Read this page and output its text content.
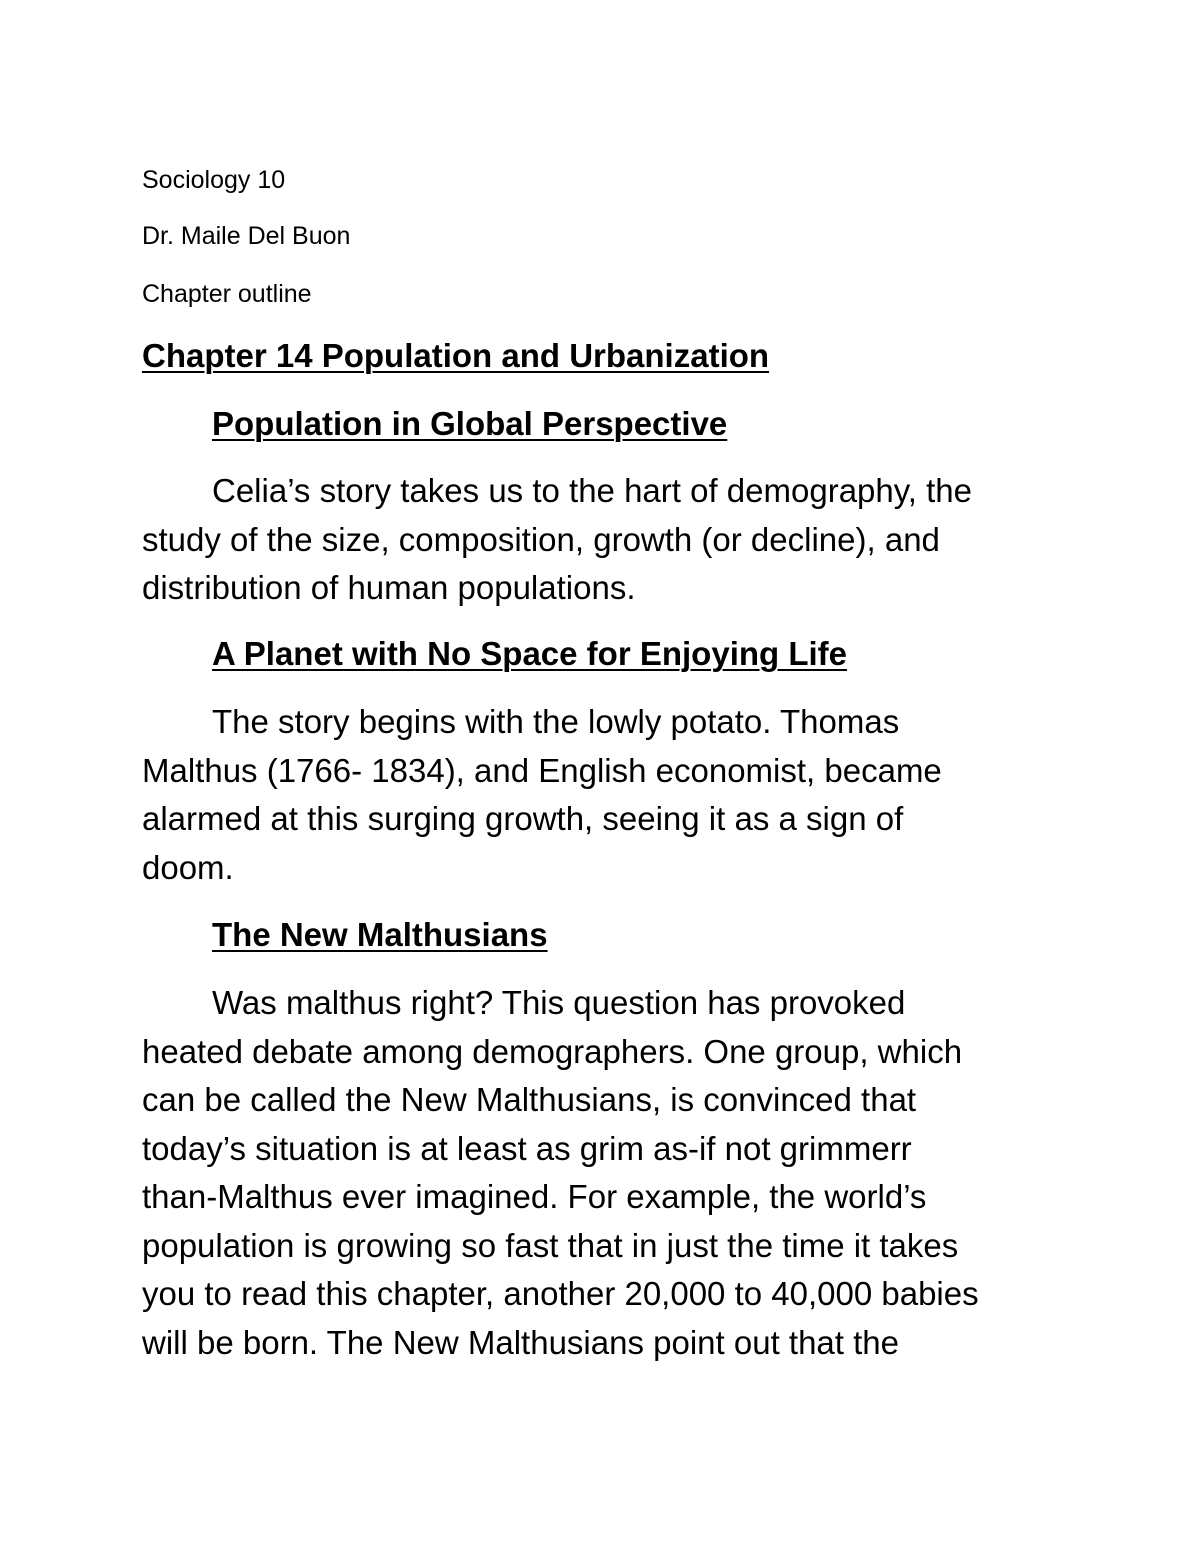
Sociology 10
Dr. Maile Del Buon
Chapter outline
Chapter 14 Population and Urbanization
Population in Global Perspective
Celia’s story takes us to the hart of demography, the
study of the size, composition, growth (or decline), and
distribution of human populations.
A Planet with No Space for Enjoying Life
The story begins with the lowly potato. Thomas
Malthus (1766- 1834), and English economist, became
alarmed at this surging growth, seeing it as a sign of
doom.
The New Malthusians
Was malthus right? This question has provoked
heated debate among demographers. One group, which
can be called the New Malthusians, is convinced that
today’s situation is at least as grim as-if not grimmerr
than-Malthus ever imagined. For example, the world’s
population is growing so fast that in just the time it takes
you to read this chapter, another 20,000 to 40,000 babies
will be born. The New Malthusians point out that the
